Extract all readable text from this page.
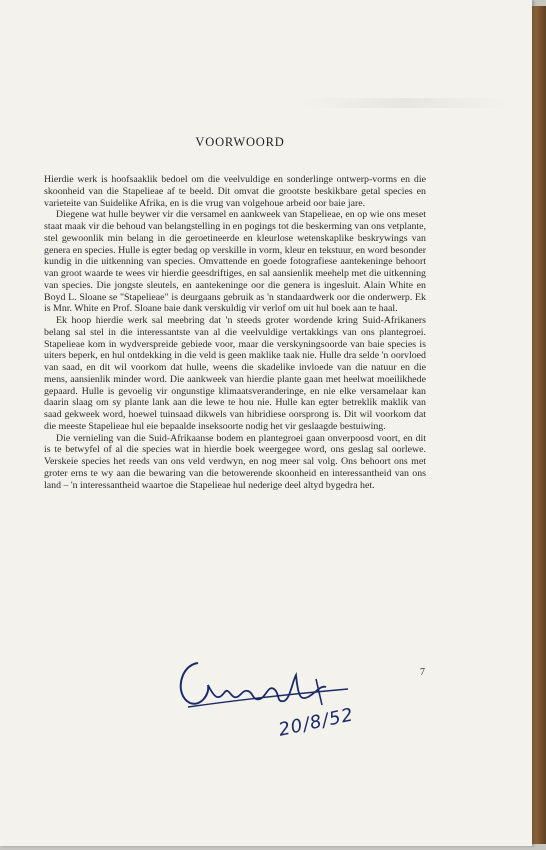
VOORWOORD

Hierdie werk is hoofsaaklik bedoel om die veelvuldige en sonderlinge ontwerp-vorms en die skoonheid van die Stapelieae af te beeld. Dit omvat die grootste beskikbare getal species en varieteite van Suidelike Afrika, en is die vrug van volgehoue arbeid oor baie jare.

Diegene wat hulle beywer vir die versamel en aankweek van Stapelieae, en op wie ons meset staat maak vir die behoud van belangstelling in en pogings tot die beskerming van ons vetplante, stel gewoonlik min belang in die geroetineerde en kleurlose wetenskaplike beskrywings van genera en species. Hulle is egter bedag op verskille in vorm, kleur en tekstuur, en word besonder kundig in die uitkenning van species. Omvattende en goede fotografiese aantekeninge behoort van groot waarde te wees vir hierdie geesdriftiges, en sal aansienlik meehelp met die uitkenning van species. Die jongste sleutels, en aantekeninge oor die genera is ingesluit. Alain White en Boyd L. Sloane se "Stapelieae" is deurgaans gebruik as 'n standaardwerk oor die onderwerp. Ek is Mnr. White en Prof. Sloane baie dank verskuldig vir verlof om uit hul boek aan te haal.

Ek hoop hierdie werk sal meebring dat 'n steeds groter wordende kring Suid-Afrikaners belang sal stel in die interessantste van al die veelvuldige vertakkings van ons plantegroei. Stapelieae kom in wydverspreide gebiede voor, maar die verskyningsoorde van baie species is uiters beperk, en hul ontdekking in die veld is geen maklike taak nie. Hulle dra selde 'n oorvloed van saad, en dit wil voorkom dat hulle, weens die skadelike invloede van die natuur en die mens, aansienlik minder word. Die aankweek van hierdie plante gaan met heelwat moeilikhede gepaard. Hulle is gevoelig vir ongunstige klimaatsveranderinge, en nie elke versamelaar kan daarin slaag om sy plante lank aan die lewe te hou nie. Hulle kan egter betreklik maklik van saad gekweek word, hoewel tuinsaad dikwels van hibridiese oorsprong is. Dit wil voorkom dat die meeste Stapelieae hul eie bepaalde inseksoorte nodig het vir geslaagde bestuiwing.

Die vernieling van die Suid-Afrikaanse bodem en plantegroei gaan onverpoosd voort, en dit is te betwyfel of al die species wat in hierdie boek weergegee word, ons geslag sal oorlewe. Verskeie species het reeds van ons veld verdwyn, en nog meer sal volg. Ons behoort ons met groter erns te wy aan die bewaring van die betowerende skoonheid en interessantheid van ons land – 'n interessantheid waartoe die Stapelieae hul nederige deel altyd bygedra het.

7
20/8/52
